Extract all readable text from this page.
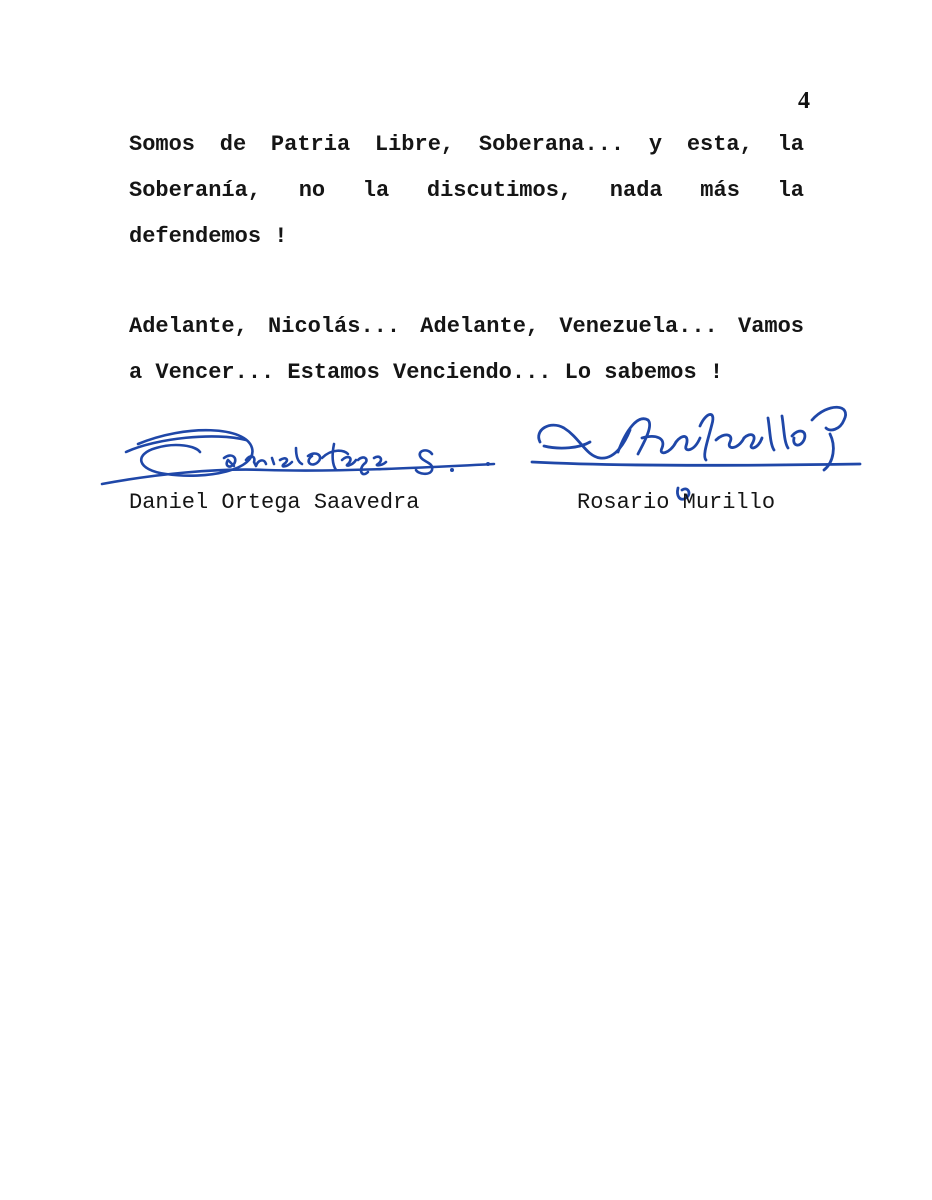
4

Somos de Patria Libre, Soberana... y esta, la
Soberanía, no la discutimos, nada más la
defendemos !

Adelante, Nicolás... Adelante, Venezuela... Vamos
a Vencer... Estamos Venciendo... Lo sabemos !

Daniel Ortega Saavedra	Rosario Murillo
